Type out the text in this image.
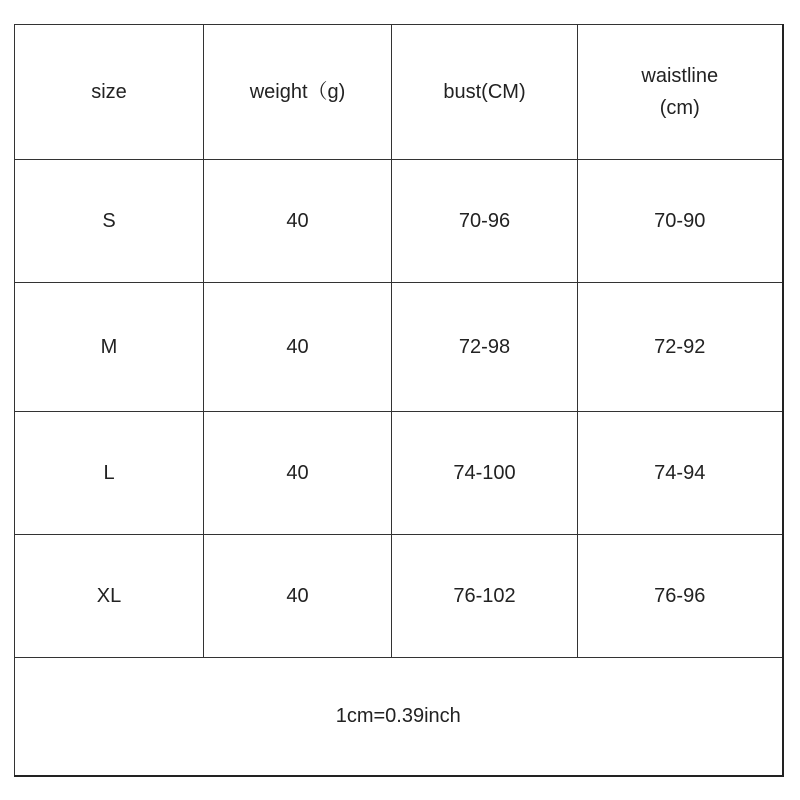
size	weight（g)	bust(CM)	waistline (cm)
S	40	70-96	70-90
M	40	72-98	72-92
L	40	74-100	74-94
XL	40	76-102	76-96
1cm=0.39inch			
